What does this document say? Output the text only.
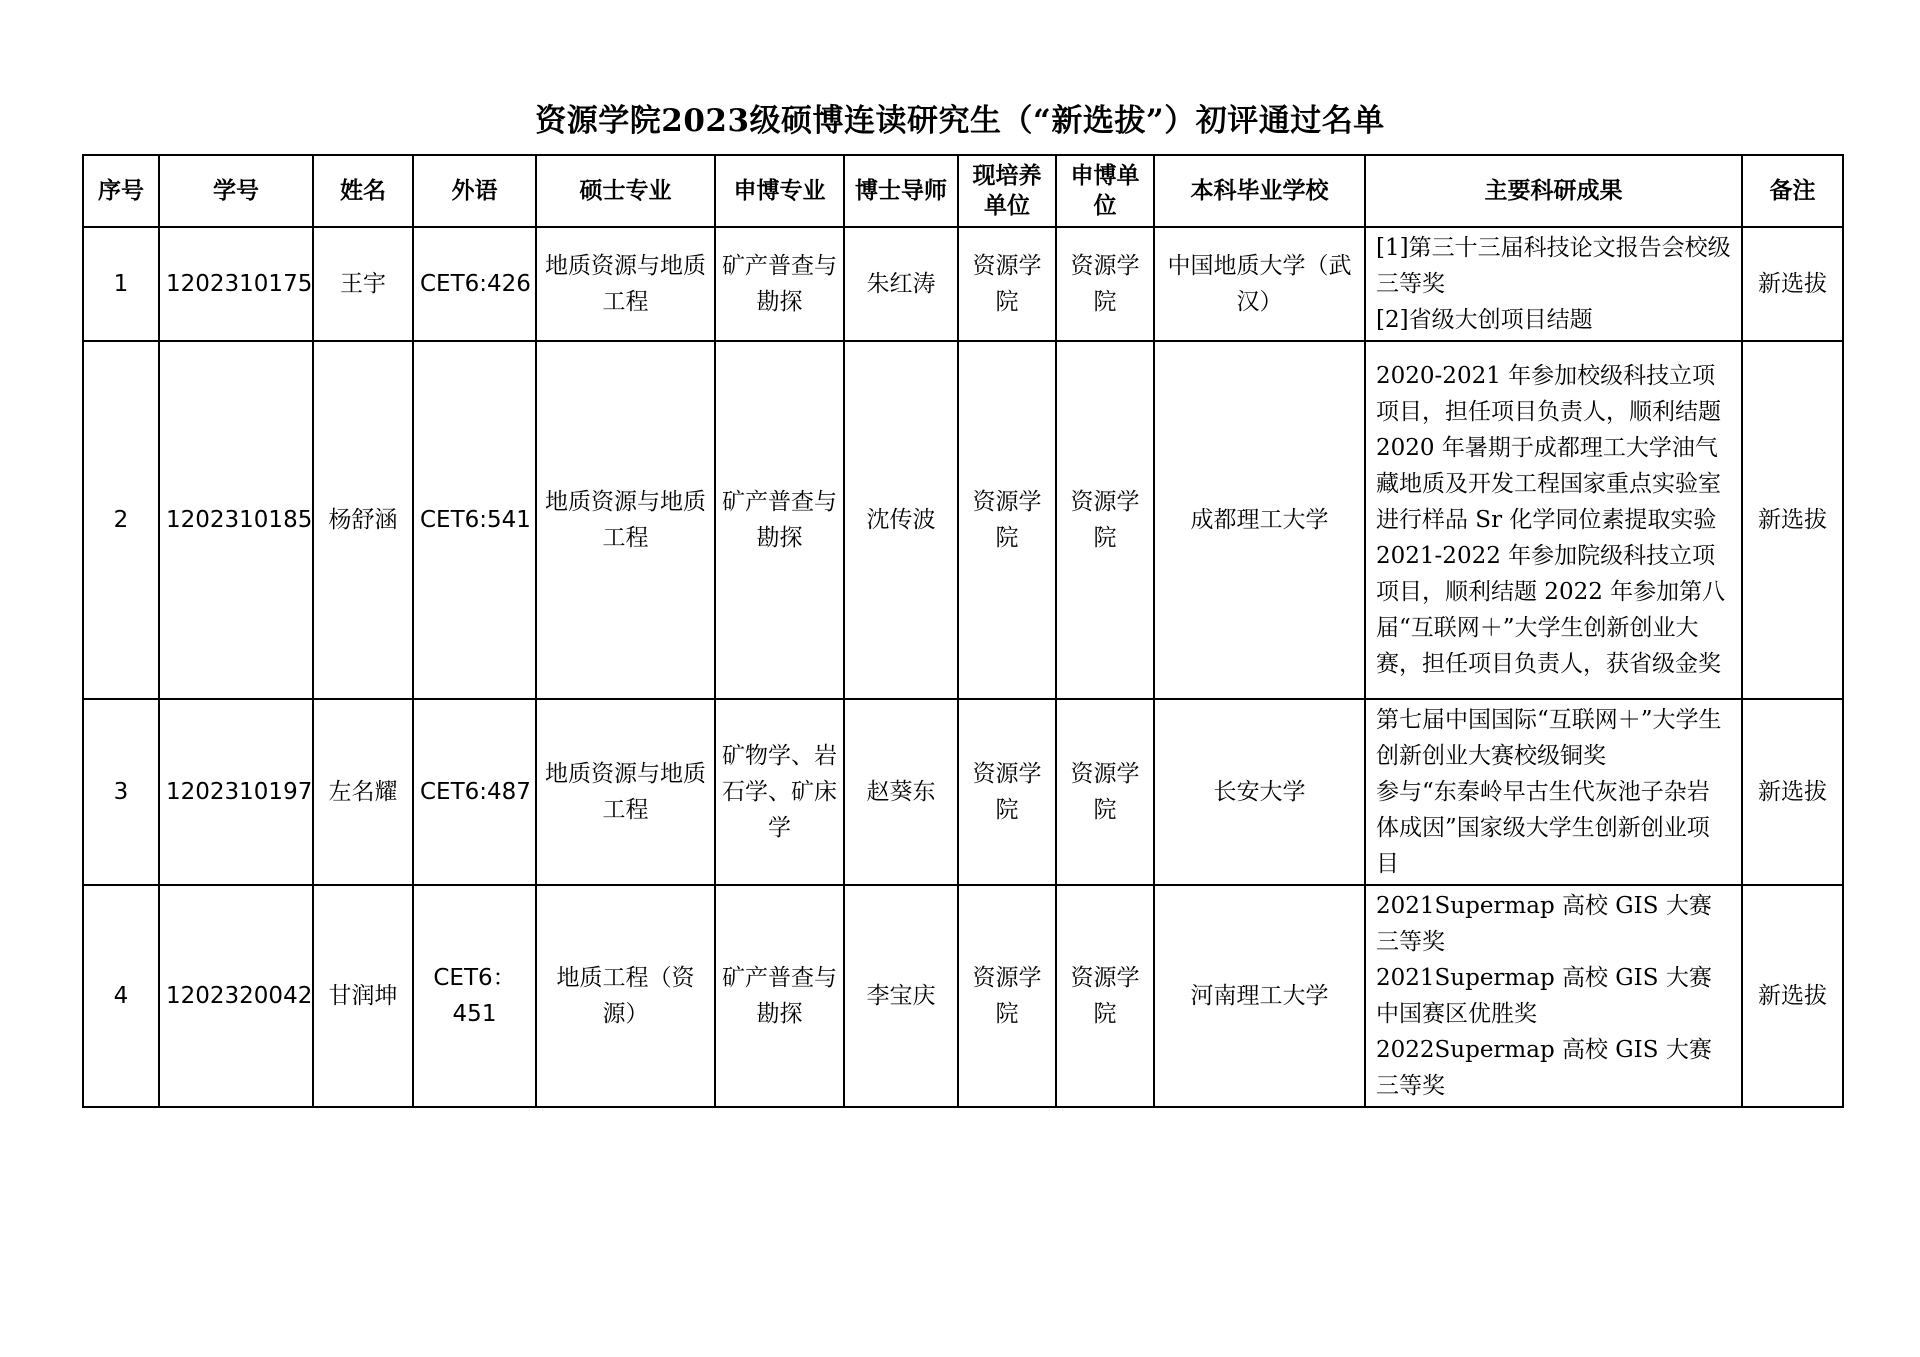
资源学院2023级硕博连读研究生（“新选拔”）初评通过名单
序号	学号	姓名	外语	硕士专业	申博专业	博士导师	现培养单位	申博单位	本科毕业学校	主要科研成果	备注
1	1202310175	王宇	CET6:426	地质资源与地质工程	矿产普查与勘探	朱红涛	资源学院	资源学院	中国地质大学（武汉）	[1]第三十三届科技论文报告会校级三等奖
[2]省级大创项目结题	新选拔
2	1202310185	杨舒涵	CET6:541	地质资源与地质工程	矿产普查与勘探	沈传波	资源学院	资源学院	成都理工大学	2020-2021 年参加校级科技立项项目，担任项目负责人，顺利结题 2020 年暑期于成都理工大学油气藏地质及开发工程国家重点实验室进行样品 Sr 化学同位素提取实验 2021-2022 年参加院级科技立项项目，顺利结题 2022 年参加第八届“互联网＋”大学生创新创业大赛，担任项目负责人，获省级金奖	新选拔
3	1202310197	左名耀	CET6:487	地质资源与地质工程	矿物学、岩石学、矿床学	赵葵东	资源学院	资源学院	长安大学	第七届中国国际“互联网＋”大学生创新创业大赛校级铜奖
参与“东秦岭早古生代灰池子杂岩体成因”国家级大学生创新创业项目	新选拔
4	1202320042	甘润坤	CET6：451	地质工程（资源）	矿产普查与勘探	李宝庆	资源学院	资源学院	河南理工大学	2021Supermap 高校 GIS 大赛三等奖
2021Supermap 高校 GIS 大赛中国赛区优胜奖
2022Supermap 高校 GIS 大赛三等奖	新选拔
